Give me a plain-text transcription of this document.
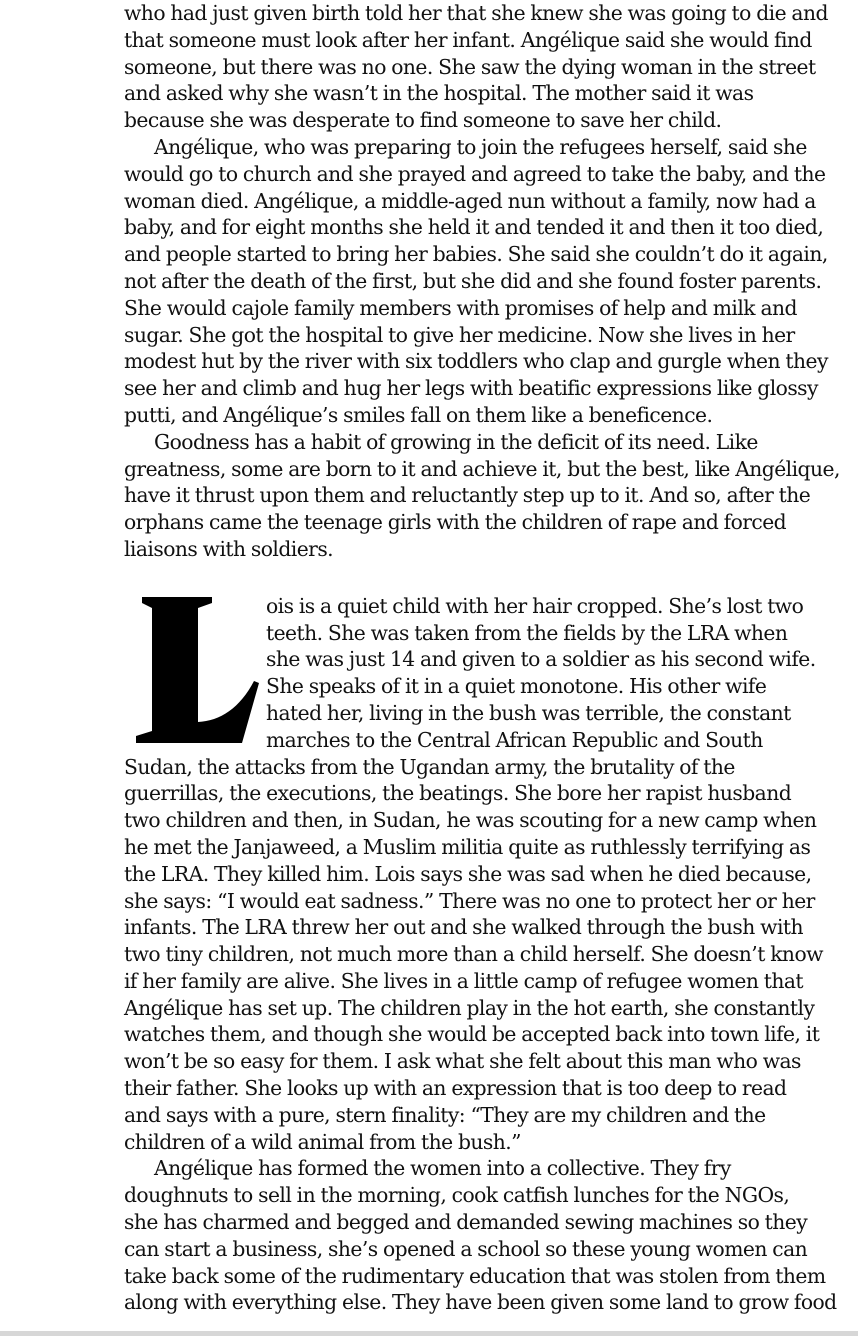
who had just given birth told her that she knew she was going to die and
that someone must look after her infant. Angélique said she would find
someone, but there was no one. She saw the dying woman in the street
and asked why she wasn’t in the hospital. The mother said it was
because she was desperate to find someone to save her child.

Angélique, who was preparing to join the refugees herself, said she
would go to church and she prayed and agreed to take the baby, and the
woman died. Angélique, a middle-aged nun without a family, now had a
baby, and for eight months she held it and tended it and then it too died,
and people started to bring her babies. She said she couldn’t do it again,
not after the death of the first, but she did and she found foster parents.
She would cajole family members with promises of help and milk and
sugar. She got the hospital to give her medicine. Now she lives in her
modest hut by the river with six toddlers who clap and gurgle when they
see her and climb and hug her legs with beatific expressions like glossy
putti, and Angélique’s smiles fall on them like a beneficence.

Goodness has a habit of growing in the deficit of its need. Like
greatness, some are born to it and achieve it, but the best, like Angélique,
have it thrust upon them and reluctantly step up to it. And so, after the
orphans came the teenage girls with the children of rape and forced
liaisons with soldiers.

ois is a quiet child with her hair cropped. She’s lost two
teeth. She was taken from the fields by the LRA when
she was just 14 and given to a soldier as his second wife.
She speaks of it in a quiet monotone. His other wife
hated her, living in the bush was terrible, the constant
marches to the Central African Republic and South
Sudan, the attacks from the Ugandan army, the brutality of the
guerrillas, the executions, the beatings. She bore her rapist husband
two children and then, in Sudan, he was scouting for a new camp when
he met the Janjaweed, a Muslim militia quite as ruthlessly terrifying as
the LRA. They killed him. Lois says she was sad when he died because,
she says: “I would eat sadness.” There was no one to protect her or her
infants. The LRA threw her out and she walked through the bush with
two tiny children, not much more than a child herself. She doesn’t know
if her family are alive. She lives in a little camp of refugee women that
Angélique has set up. The children play in the hot earth, she constantly
watches them, and though she would be accepted back into town life, it
won’t be so easy for them. I ask what she felt about this man who was
their father. She looks up with an expression that is too deep to read
and says with a pure, stern finality: “They are my children and the
children of a wild animal from the bush.”

Angélique has formed the women into a collective. They fry
doughnuts to sell in the morning, cook catfish lunches for the NGOs,
she has charmed and begged and demanded sewing machines so they
can start a business, she’s opened a school so these young women can
take back some of the rudimentary education that was stolen from them
along with everything else. They have been given some land to grow food
